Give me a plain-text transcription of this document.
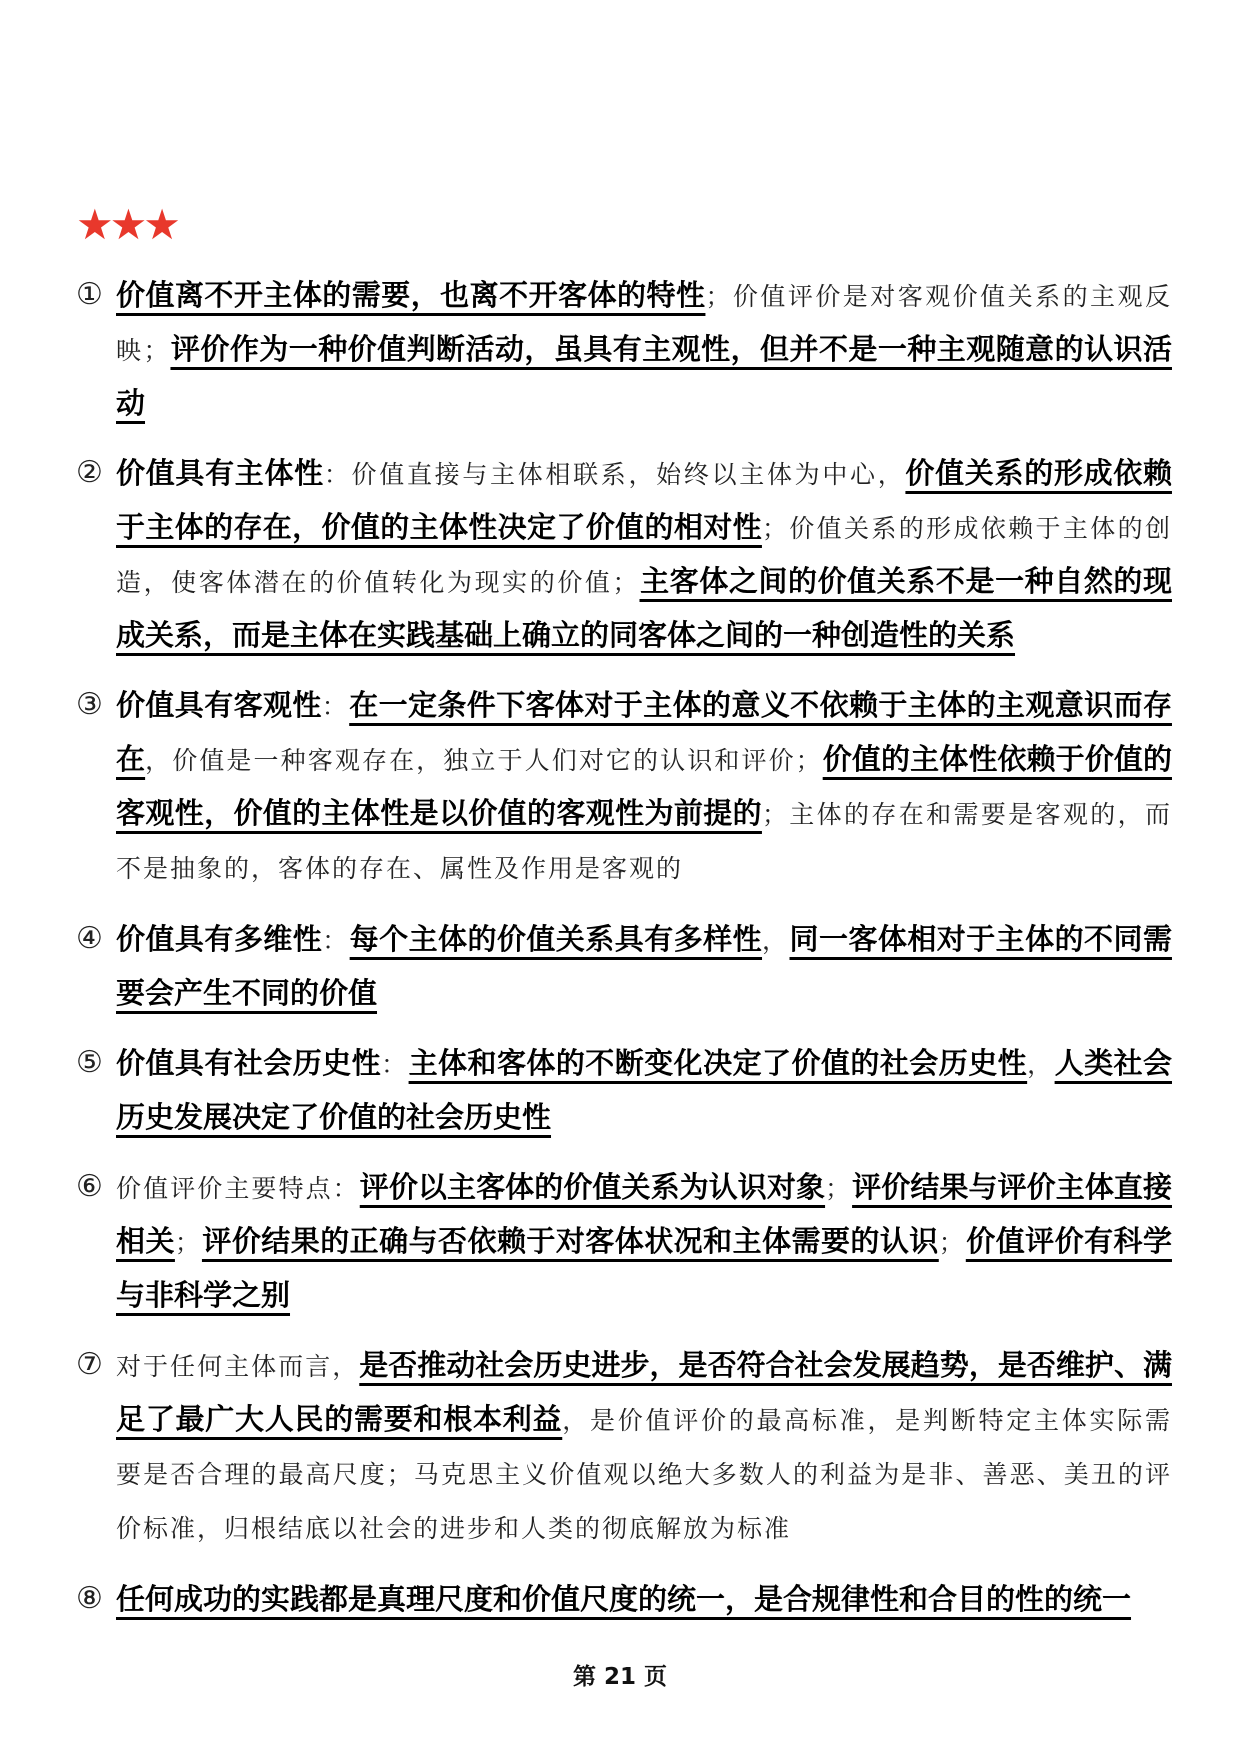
★★★
① 价值离不开主体的需要，也离不开客体的特性；价值评价是对客观价值关系的主观反映；评价作为一种价值判断活动，虽具有主观性，但并不是一种主观随意的认识活动
② 价值具有主体性：价值直接与主体相联系，始终以主体为中心，价值关系的形成依赖于主体的存在，价值的主体性决定了价值的相对性；价值关系的形成依赖于主体的创造，使客体潜在的价值转化为现实的价值；主客体之间的价值关系不是一种自然的现成关系，而是主体在实践基础上确立的同客体之间的一种创造性的关系
③ 价值具有客观性：在一定条件下客体对于主体的意义不依赖于主体的主观意识而存在，价值是一种客观存在，独立于人们对它的认识和评价；价值的主体性依赖于价值的客观性，价值的主体性是以价值的客观性为前提的；主体的存在和需要是客观的，而不是抽象的，客体的存在、属性及作用是客观的
④ 价值具有多维性：每个主体的价值关系具有多样性，同一客体相对于主体的不同需要会产生不同的价值
⑤ 价值具有社会历史性：主体和客体的不断变化决定了价值的社会历史性，人类社会历史发展决定了价值的社会历史性
⑥ 价值评价主要特点：评价以主客体的价值关系为认识对象；评价结果与评价主体直接相关；评价结果的正确与否依赖于对客体状况和主体需要的认识；价值评价有科学与非科学之别
⑦ 对于任何主体而言，是否推动社会历史进步，是否符合社会发展趋势，是否维护、满足了最广大人民的需要和根本利益，是价值评价的最高标准，是判断特定主体实际需要是否合理的最高尺度；马克思主义价值观以绝大多数人的利益为是非、善恶、美丑的评价标准，归根结底以社会的进步和人类的彻底解放为标准
⑧ 任何成功的实践都是真理尺度和价值尺度的统一，是合规律性和合目的性的统一
第 21 页
